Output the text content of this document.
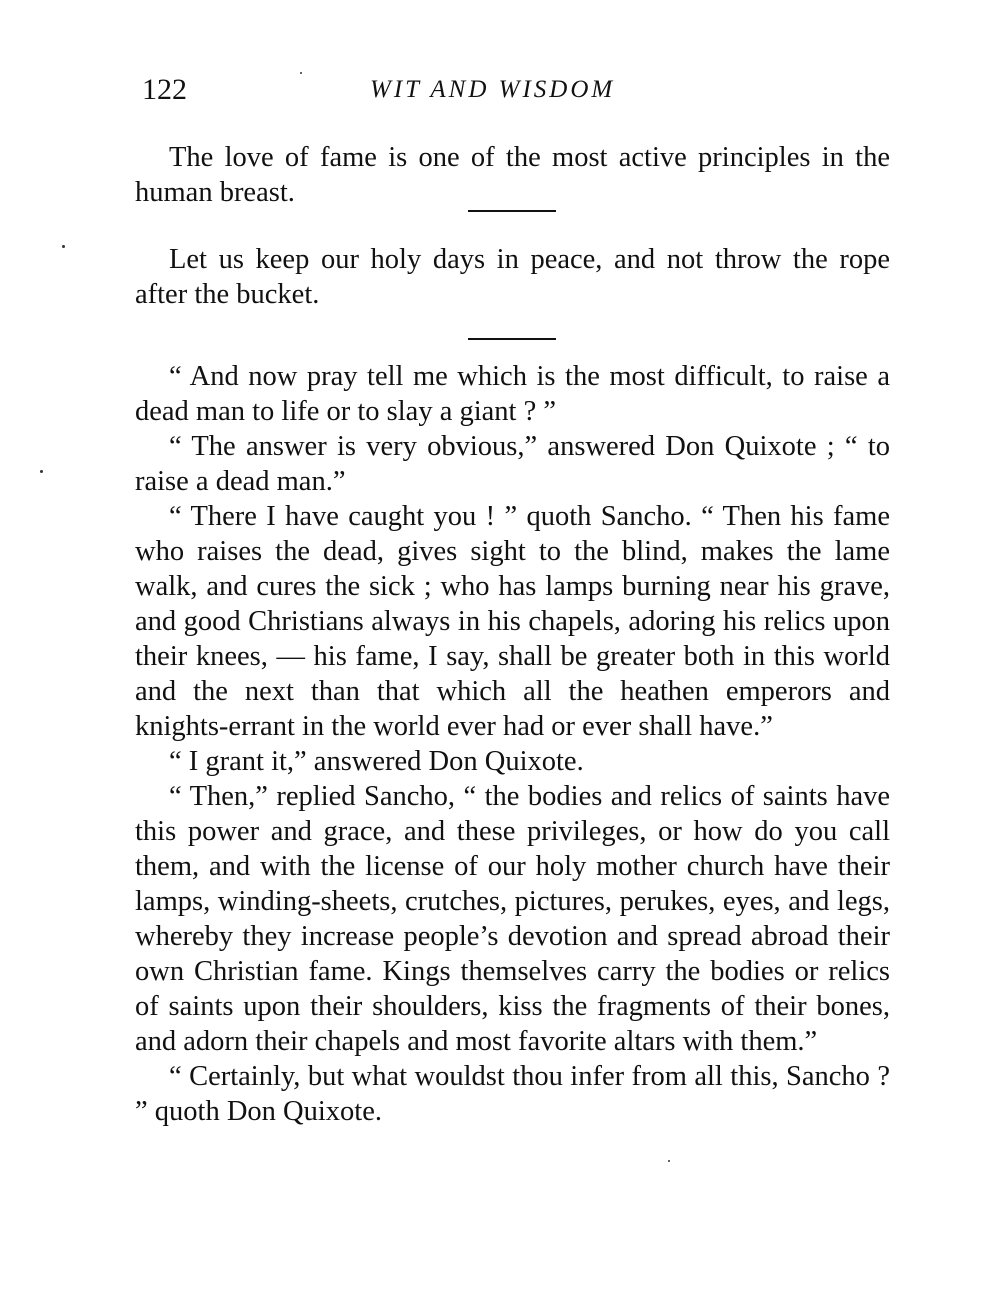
122	WIT AND WISDOM

The love of fame is one of the most active principles in the human breast.

Let us keep our holy days in peace, and not throw the rope after the bucket.

“ And now pray tell me which is the most difficult, to raise a dead man to life or to slay a giant ? ”

“ The answer is very obvious,” answered Don Quixote ; “ to raise a dead man.”

“ There I have caught you ! ” quoth Sancho. “ Then his fame who raises the dead, gives sight to the blind, makes the lame walk, and cures the sick ; who has lamps burning near his grave, and good Christians always in his chapels, adoring his relics upon their knees, — his fame, I say, shall be greater both in this world and the next than that which all the heathen emperors and knights-errant in the world ever had or ever shall have.”

“ I grant it,” answered Don Quixote.

“ Then,” replied Sancho, “ the bodies and relics of saints have this power and grace, and these privileges, or how do you call them, and with the license of our holy mother church have their lamps, winding-sheets, crutches, pictures, perukes, eyes, and legs, whereby they increase people’s devotion and spread abroad their own Christian fame. Kings themselves carry the bodies or relics of saints upon their shoulders, kiss the fragments of their bones, and adorn their chapels and most favorite altars with them.”

“ Certainly, but what wouldst thou infer from all this, Sancho ? ” quoth Don Quixote.
